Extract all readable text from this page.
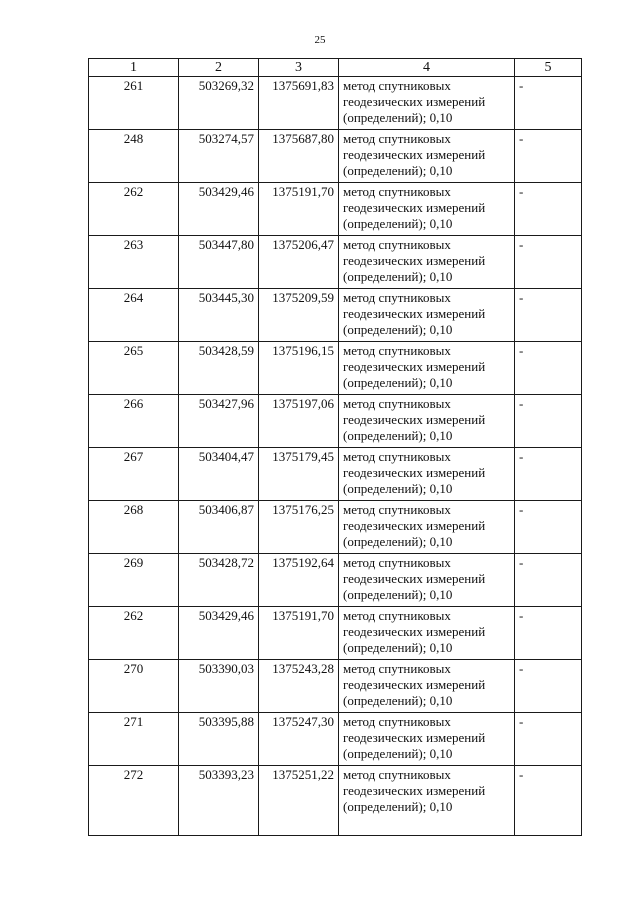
25
1	2	3	4	5
261	503269,32	1375691,83	метод спутниковых геодезических измерений (определений); 0,10	-
248	503274,57	1375687,80	метод спутниковых геодезических измерений (определений); 0,10	-
262	503429,46	1375191,70	метод спутниковых геодезических измерений (определений); 0,10	-
263	503447,80	1375206,47	метод спутниковых геодезических измерений (определений); 0,10	-
264	503445,30	1375209,59	метод спутниковых геодезических измерений (определений); 0,10	-
265	503428,59	1375196,15	метод спутниковых геодезических измерений (определений); 0,10	-
266	503427,96	1375197,06	метод спутниковых геодезических измерений (определений); 0,10	-
267	503404,47	1375179,45	метод спутниковых геодезических измерений (определений); 0,10	-
268	503406,87	1375176,25	метод спутниковых геодезических измерений (определений); 0,10	-
269	503428,72	1375192,64	метод спутниковых геодезических измерений (определений); 0,10	-
262	503429,46	1375191,70	метод спутниковых геодезических измерений (определений); 0,10	-
270	503390,03	1375243,28	метод спутниковых геодезических измерений (определений); 0,10	-
271	503395,88	1375247,30	метод спутниковых геодезических измерений (определений); 0,10	-
272	503393,23	1375251,22	метод спутниковых геодезических измерений (определений); 0,10	-
